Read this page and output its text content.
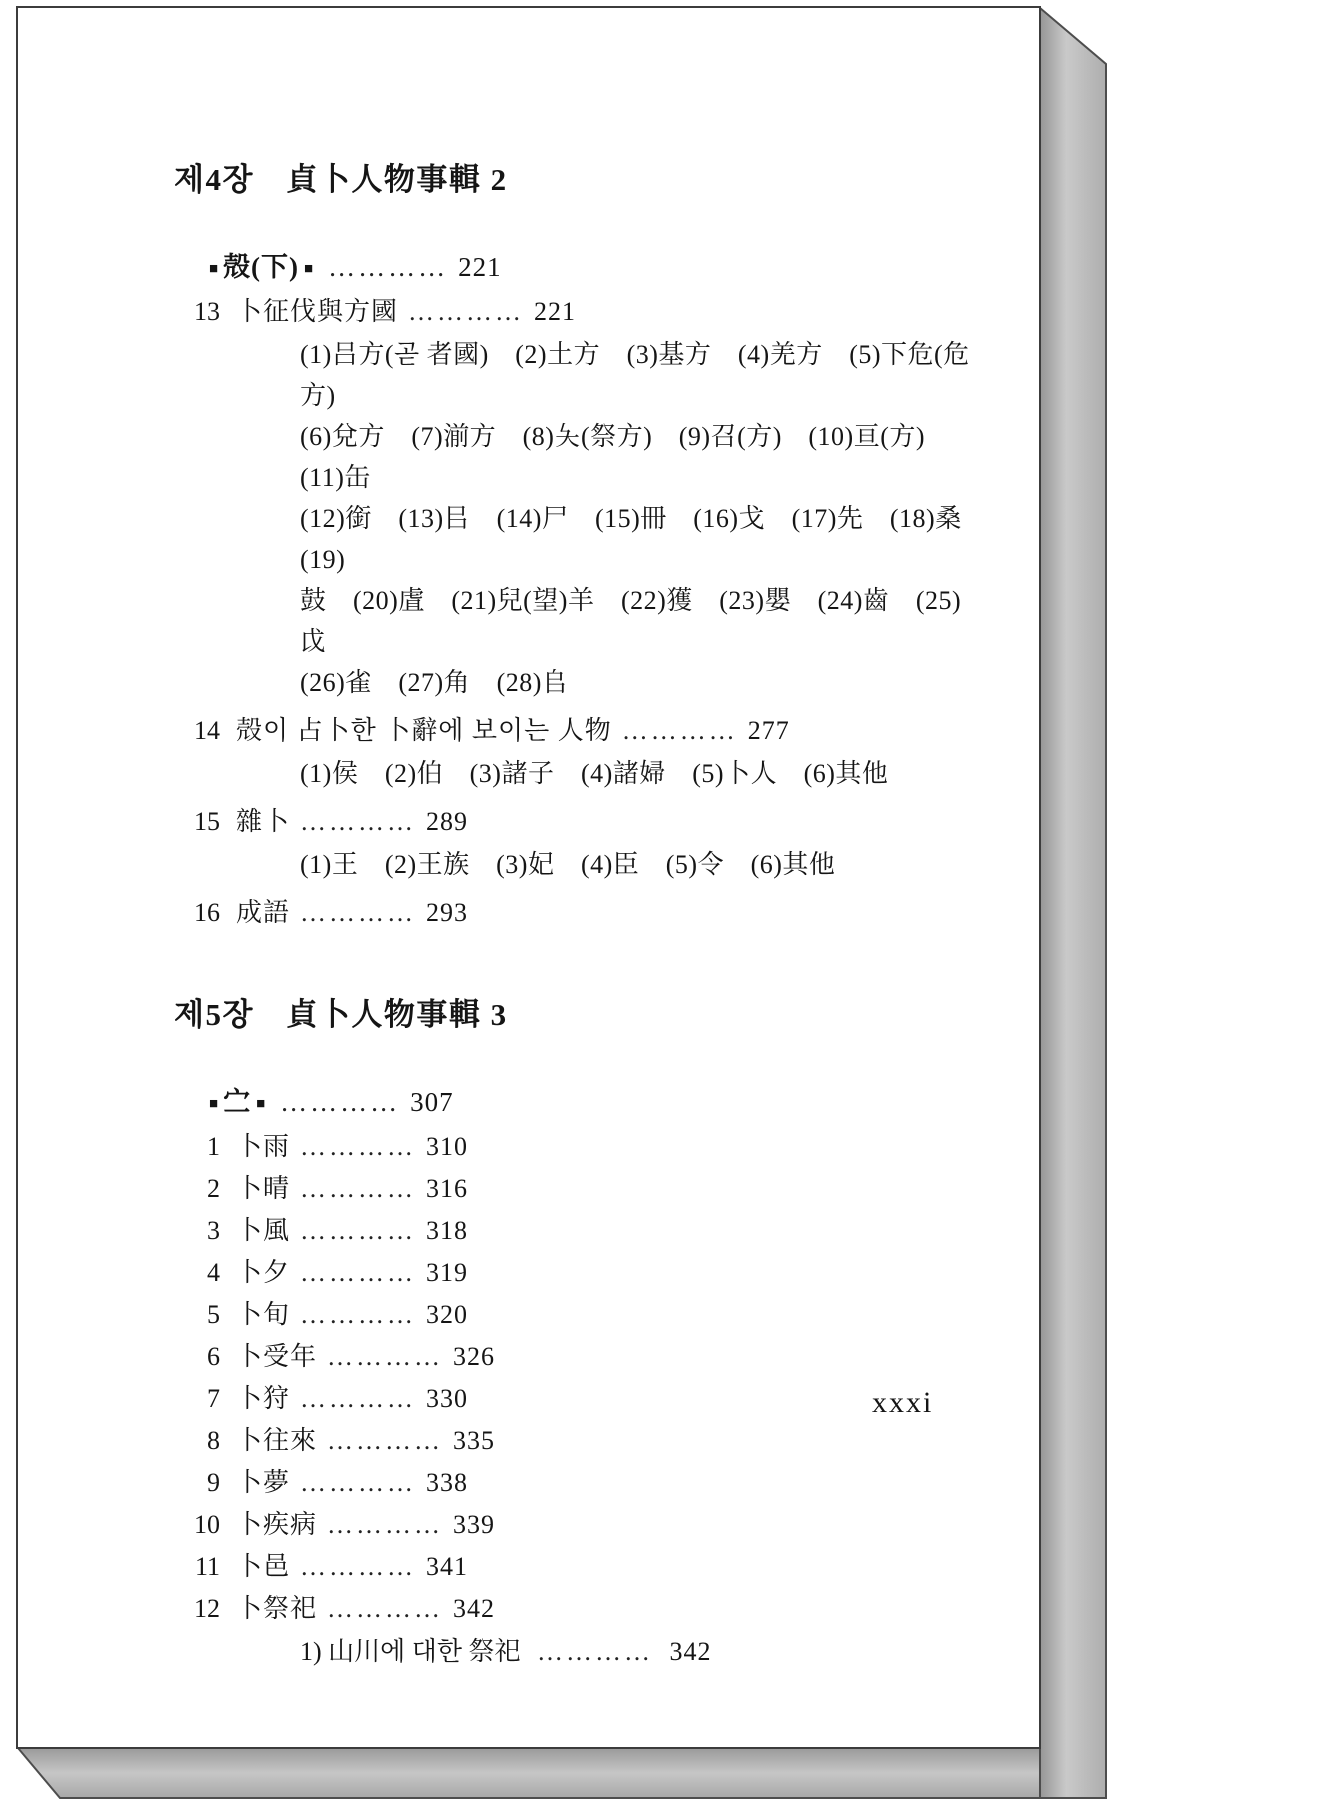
제4장　貞卜人物事輯 2
■ 殻(下) ■ ………… 221
13 卜征伐與方國 ………… 221
(1)吕方(곧 者國)　(2)土方　(3)基方　(4)羌方　(5)下危(危方)
(6)兌方　(7)湔方　(8)夨(祭方)　(9)召(方)　(10)亘(方)　(11)缶
(12)銜　(13)㠯　(14)尸　(15)冊　(16)戈　(17)先　(18)桑　(19)
鼓　(20)虘　(21)兒(望)羊　(22)獲　(23)嬰　(24)齒　(25)戉
(26)雀　(27)角　(28)𠂤
14 殻이 占卜한 卜辭에 보이는 人物 ………… 277
(1)侯　(2)伯　(3)諸子　(4)諸婦　(5)卜人　(6)其他
15 雜卜 ………… 289
(1)王　(2)王族　(3)妃　(4)臣　(5)令　(6)其他
16 成語 ………… 293
제5장　貞卜人物事輯 3
■ 㝉 ■ ………… 307
1 卜雨 ………… 310
2 卜晴 ………… 316
3 卜風 ………… 318
4 卜夕 ………… 319
5 卜旬 ………… 320
6 卜受年 ………… 326
7 卜狩 ………… 330
8 卜往來 ………… 335
9 卜夢 ………… 338
10 卜疾病 ………… 339
11 卜邑 ………… 341
12 卜祭祀 ………… 342
1) 山川에 대한 祭祀 ………… 342
xxxi
